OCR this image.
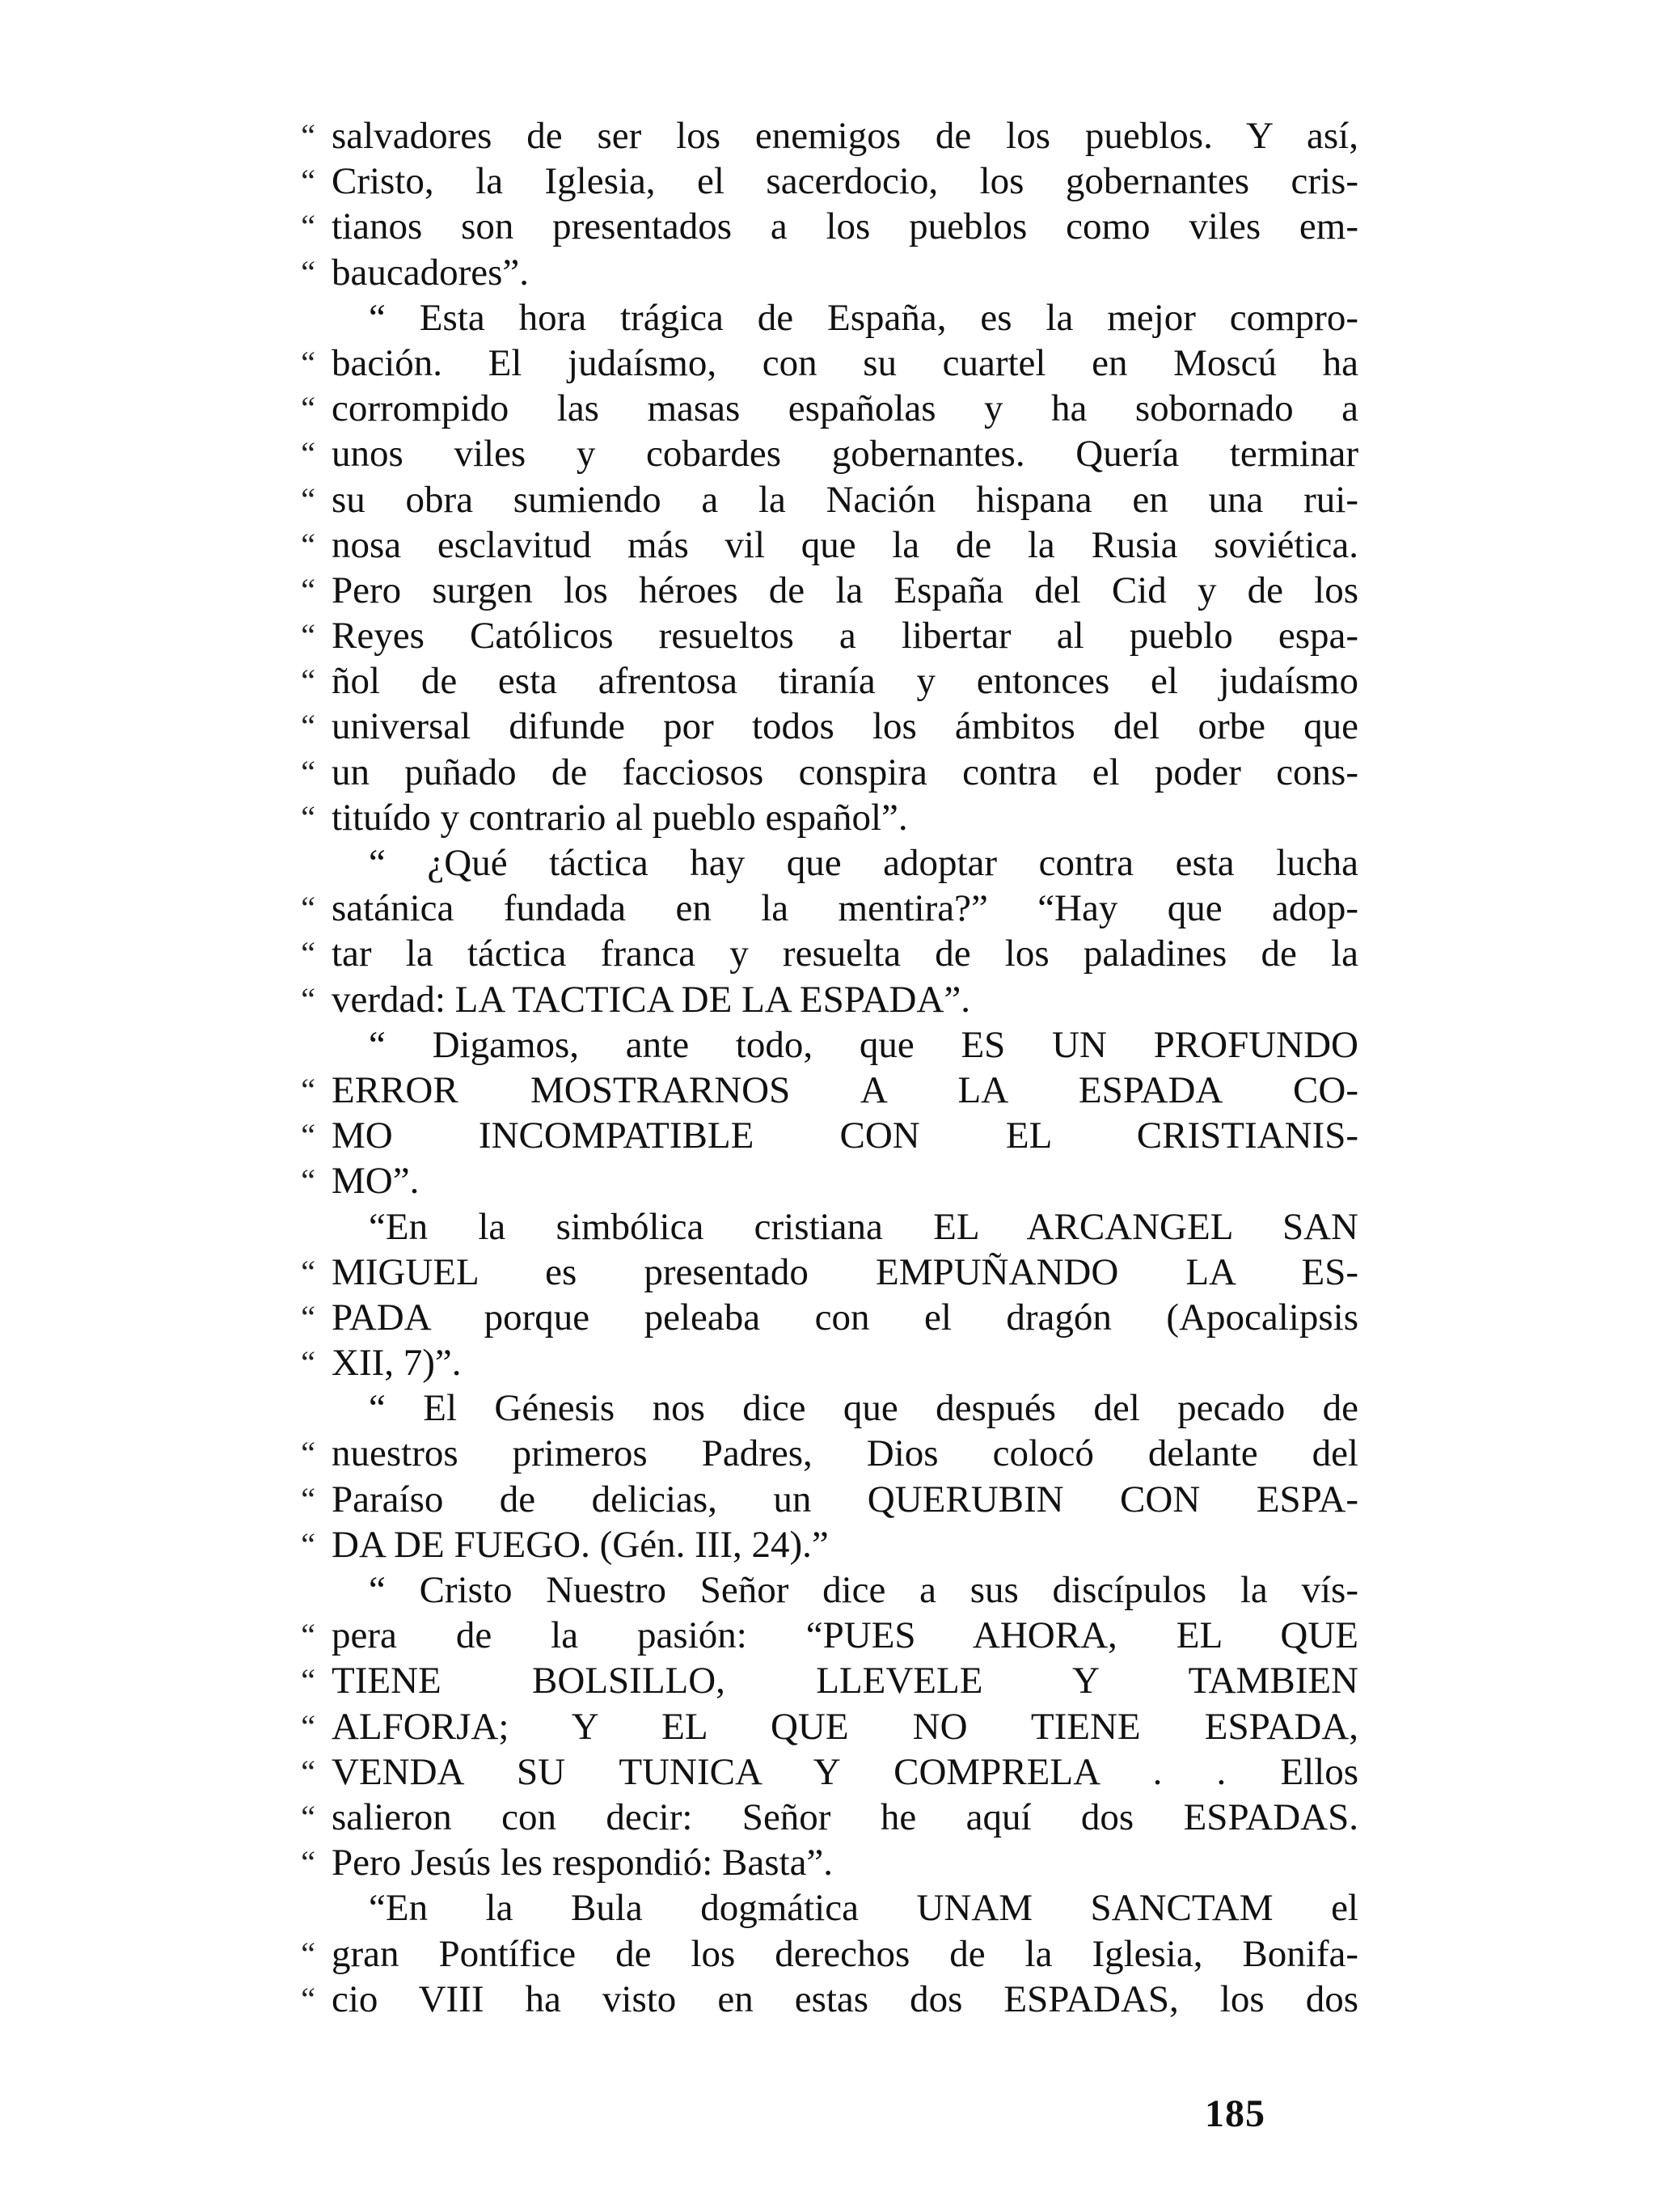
“ salvadores de ser los enemigos de los pueblos. Y así,
“ Cristo, la Iglesia, el sacerdocio, los gobernantes cris-
“ tianos son presentados a los pueblos como viles em-
“ baucadores”.
“ Esta hora trágica de España, es la mejor compro-
“ bación. El judaísmo, con su cuartel en Moscú ha
“ corrompido las masas españolas y ha sobornado a
“ unos viles y cobardes gobernantes. Quería terminar
“ su obra sumiendo a la Nación hispana en una rui-
“ nosa esclavitud más vil que la de la Rusia soviética.
“ Pero surgen los héroes de la España del Cid y de los
“ Reyes Católicos resueltos a libertar al pueblo espa-
“ ñol de esta afrentosa tiranía y entonces el judaísmo
“ universal difunde por todos los ámbitos del orbe que
“ un puñado de facciosos conspira contra el poder cons-
“ tituído y contrario al pueblo español”.
“ ¿Qué táctica hay que adoptar contra esta lucha
“ satánica fundada en la mentira?” “Hay que adop-
“ tar la táctica franca y resuelta de los paladines de la
“ verdad: LA TACTICA DE LA ESPADA”.
“ Digamos, ante todo, que ES UN PROFUNDO
“ ERROR MOSTRARNOS A LA ESPADA CO-
“ MO INCOMPATIBLE CON EL CRISTIANIS-
“ MO”.
“En la simbólica cristiana EL ARCANGEL SAN
“ MIGUEL es presentado EMPUÑANDO LA ES-
“ PADA porque peleaba con el dragón (Apocalipsis
“ XII, 7)”.
“ El Génesis nos dice que después del pecado de
“ nuestros primeros Padres, Dios colocó delante del
“ Paraíso de delicias, un QUERUBIN CON ESPA-
“ DA DE FUEGO. (Gén. III, 24).”
“ Cristo Nuestro Señor dice a sus discípulos la vís-
“ pera de la pasión: “PUES AHORA, EL QUE
“ TIENE BOLSILLO, LLEVELE Y TAMBIEN
“ ALFORJA; Y EL QUE NO TIENE ESPADA,
“ VENDA SU TUNICA Y COMPRELA . . Ellos
“ salieron con decir: Señor he aquí dos ESPADAS.
“ Pero Jesús les respondió: Basta”.
“En la Bula dogmática UNAM SANCTAM el
“ gran Pontífice de los derechos de la Iglesia, Bonifa-
“ cio VIII ha visto en estas dos ESPADAS, los dos
185
